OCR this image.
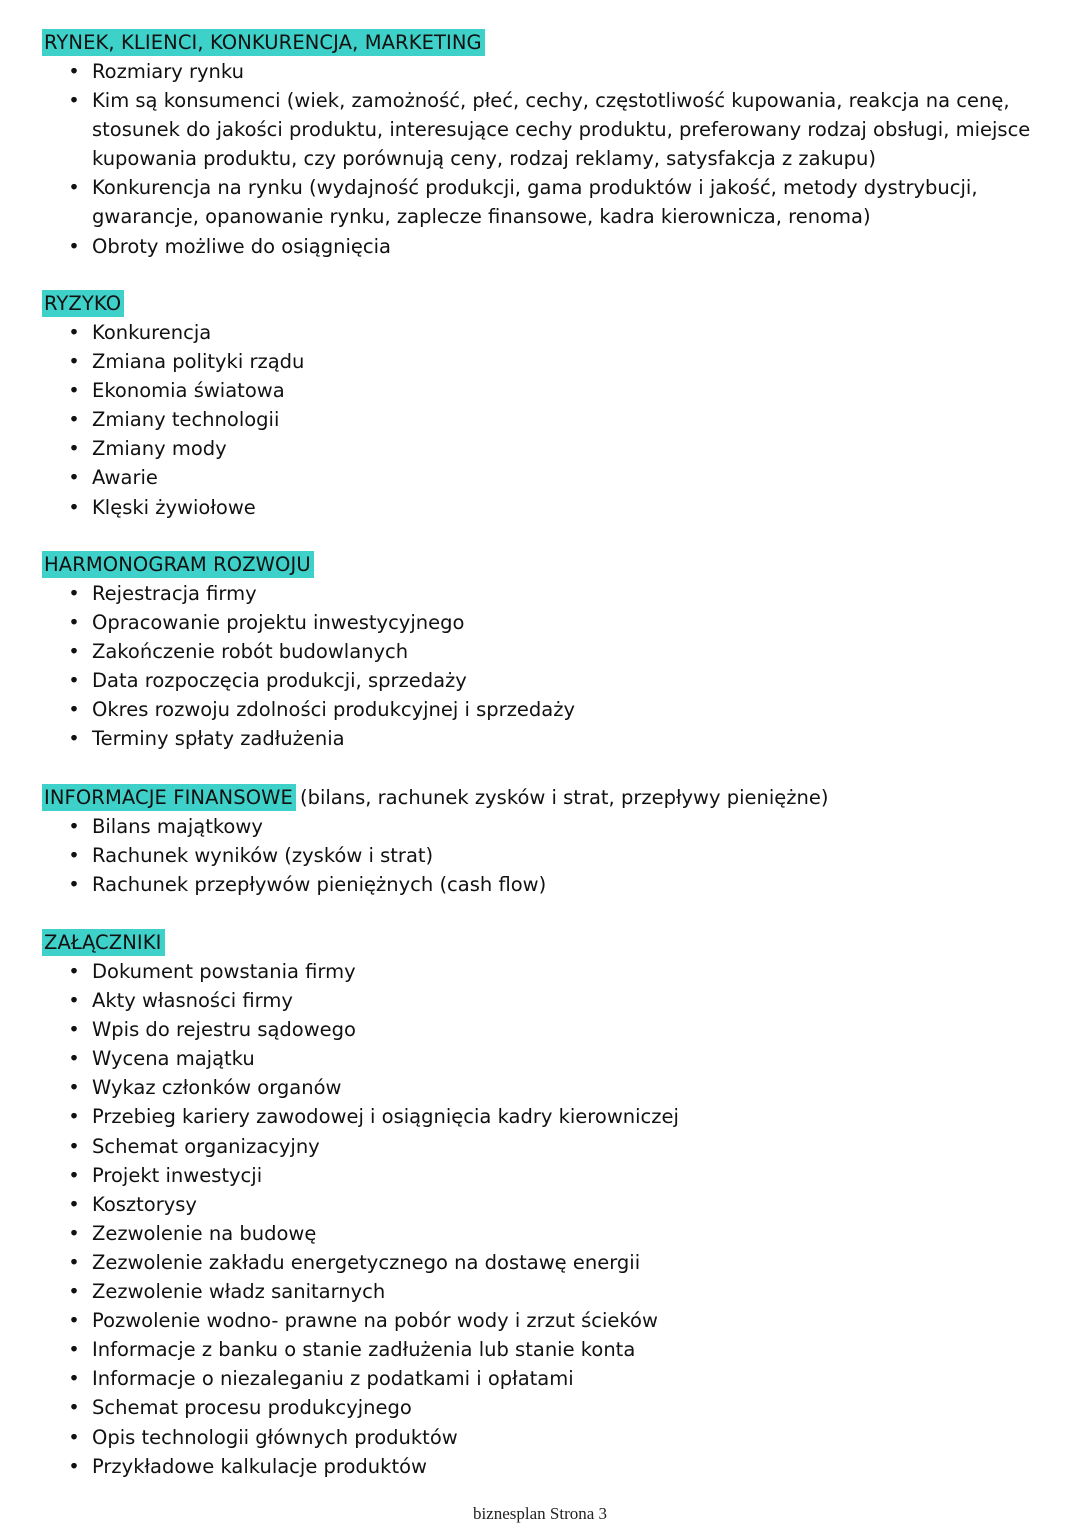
RYNEK, KLIENCI, KONKURENCJA, MARKETING
• Rozmiary rynku
• Kim są konsumenci (wiek, zamożność, płeć, cechy, częstotliwość kupowania, reakcja na cenę, stosunek do jakości produktu, interesujące cechy produktu, preferowany rodzaj obsługi, miejsce kupowania produktu, czy porównują ceny, rodzaj reklamy, satysfakcja z zakupu)
• Konkurencja na rynku (wydajność produkcji, gama produktów i jakość, metody dystrybucji, gwarancje, opanowanie rynku, zaplecze finansowe, kadra kierownicza, renoma)
• Obroty możliwe do osiągnięcia
RYZYKO
• Konkurencja
• Zmiana polityki rządu
• Ekonomia światowa
• Zmiany technologii
• Zmiany mody
• Awarie
• Klęski żywiołowe
HARMONOGRAM ROZWOJU
• Rejestracja firmy
• Opracowanie projektu inwestycyjnego
• Zakończenie robót budowlanych
• Data rozpoczęcia produkcji, sprzedaży
• Okres rozwoju zdolności produkcyjnej i sprzedaży
• Terminy spłaty zadłużenia
INFORMACJE FINANSOWE (bilans, rachunek zysków i strat, przepływy pieniężne)
• Bilans majątkowy
• Rachunek wyników (zysków i strat)
• Rachunek przepływów pieniężnych (cash flow)
ZAŁĄCZNIKI
• Dokument powstania firmy
• Akty własności firmy
• Wpis do rejestru sądowego
• Wycena majątku
• Wykaz członków organów
• Przebieg kariery zawodowej i osiągnięcia kadry kierowniczej
• Schemat organizacyjny
• Projekt inwestycji
• Kosztorysy
• Zezwolenie na budowę
• Zezwolenie zakładu energetycznego na dostawę energii
• Zezwolenie władz sanitarnych
• Pozwolenie wodno- prawne na pobór wody i zrzut ścieków
• Informacje z banku o stanie zadłużenia lub stanie konta
• Informacje o niezaleganiu z podatkami i opłatami
• Schemat procesu produkcyjnego
• Opis technologii głównych produktów
• Przykładowe kalkulacje produktów
biznesplan Strona 3
